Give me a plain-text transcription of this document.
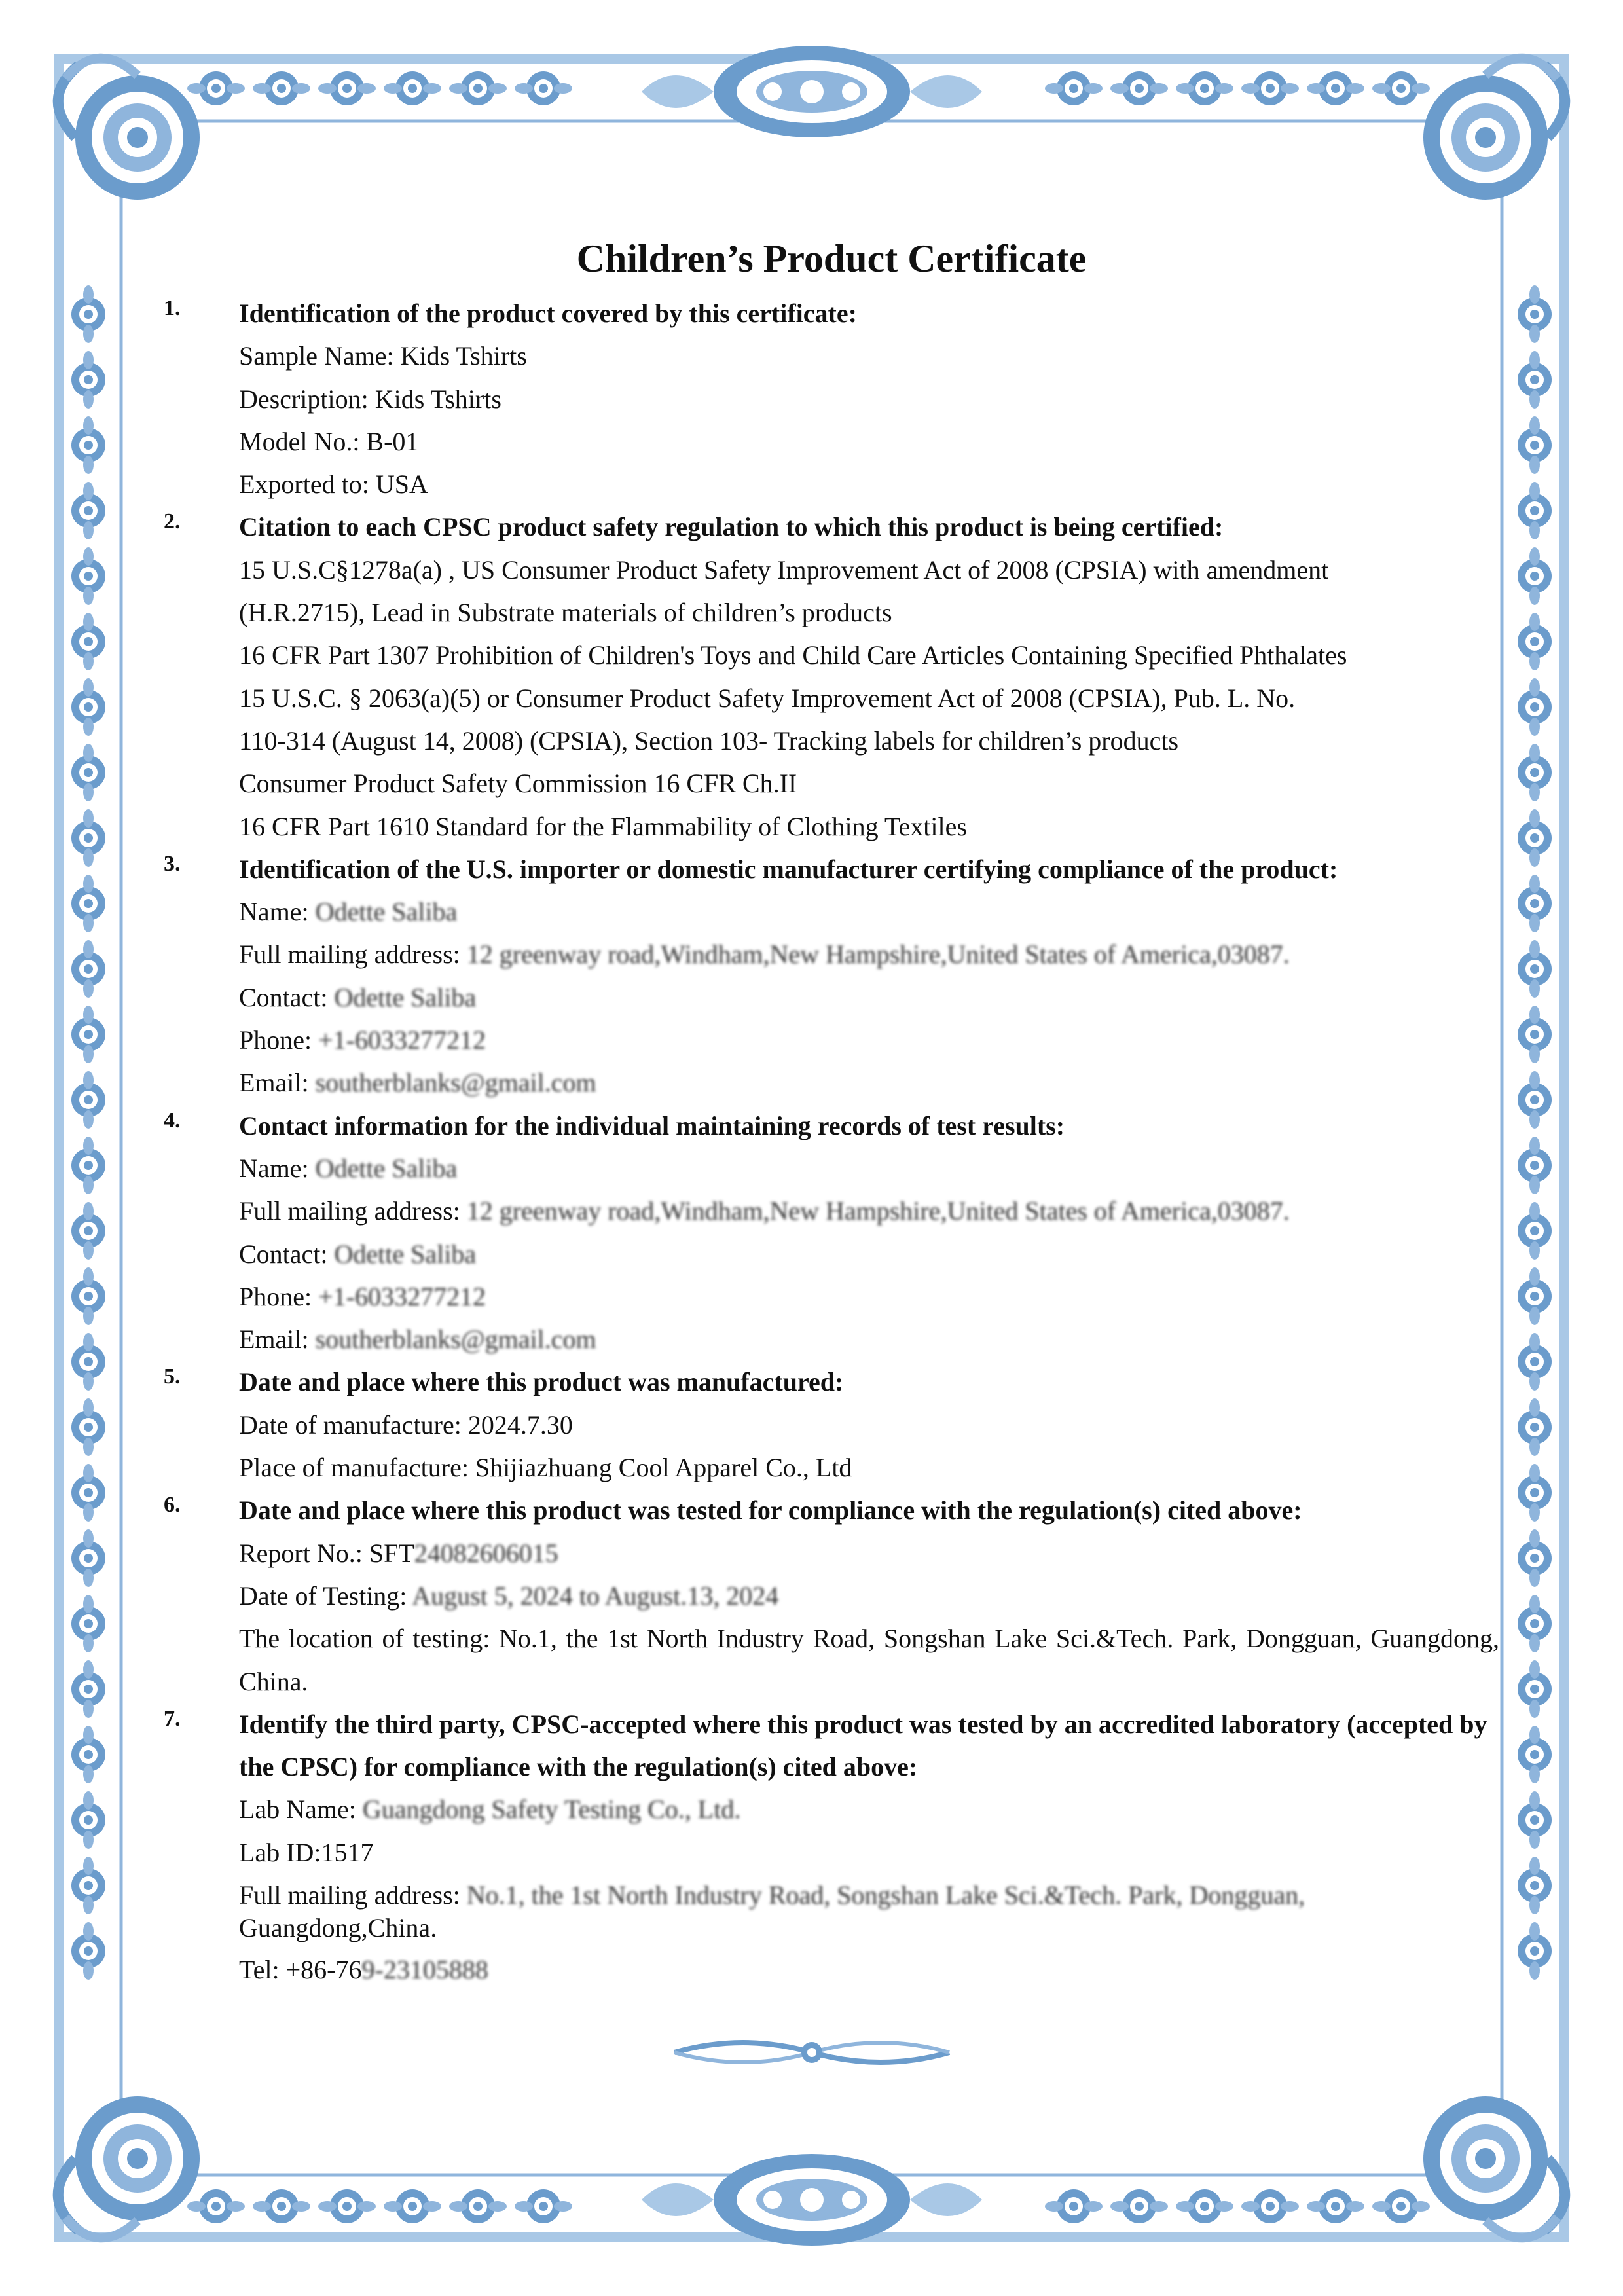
Children’s Product Certificate
1. Identification of the product covered by this certificate:
Sample Name: Kids Tshirts
Description: Kids Tshirts
Model No.: B-01
Exported to: USA
2. Citation to each CPSC product safety regulation to which this product is being certified:
15 U.S.C§1278a(a) , US Consumer Product Safety Improvement Act of 2008 (CPSIA) with amendment
(H.R.2715), Lead in Substrate materials of children’s products
16 CFR Part 1307 Prohibition of Children's Toys and Child Care Articles Containing Specified Phthalates
15 U.S.C. § 2063(a)(5) or Consumer Product Safety Improvement Act of 2008 (CPSIA), Pub. L. No.
110-314 (August 14, 2008) (CPSIA), Section 103- Tracking labels for children’s products
Consumer Product Safety Commission 16 CFR Ch.II
16 CFR Part 1610 Standard for the Flammability of Clothing Textiles
3. Identification of the U.S. importer or domestic manufacturer certifying compliance of the product:
Name: Odette Saliba
Full mailing address: 12 greenway road,Windham,New Hampshire,United States of America,03087.
Contact: Odette Saliba
Phone: +1-6033277212
Email: southerblanks@gmail.com
4. Contact information for the individual maintaining records of test results:
Name: Odette Saliba
Full mailing address: 12 greenway road,Windham,New Hampshire,United States of America,03087.
Contact: Odette Saliba
Phone: +1-6033277212
Email: southerblanks@gmail.com
5. Date and place where this product was manufactured:
Date of manufacture: 2024.7.30
Place of manufacture: Shijiazhuang Cool Apparel Co., Ltd
6. Date and place where this product was tested for compliance with the regulation(s) cited above:
Report No.: SFT24082606015
Date of Testing: August 5, 2024 to August.13, 2024
The location of testing: No.1, the 1st North Industry Road, Songshan Lake Sci.&Tech. Park, Dongguan, Guangdong, China.
7. Identify the third party, CPSC-accepted where this product was tested by an accredited laboratory (accepted by the CPSC) for compliance with the regulation(s) cited above:
Lab Name: Guangdong Safety Testing Co., Ltd.
Lab ID:1517
Full mailing address: No.1, the 1st North Industry Road, Songshan Lake Sci.&Tech. Park, Dongguan,
Guangdong,China.
Tel: +86-769-23105888
